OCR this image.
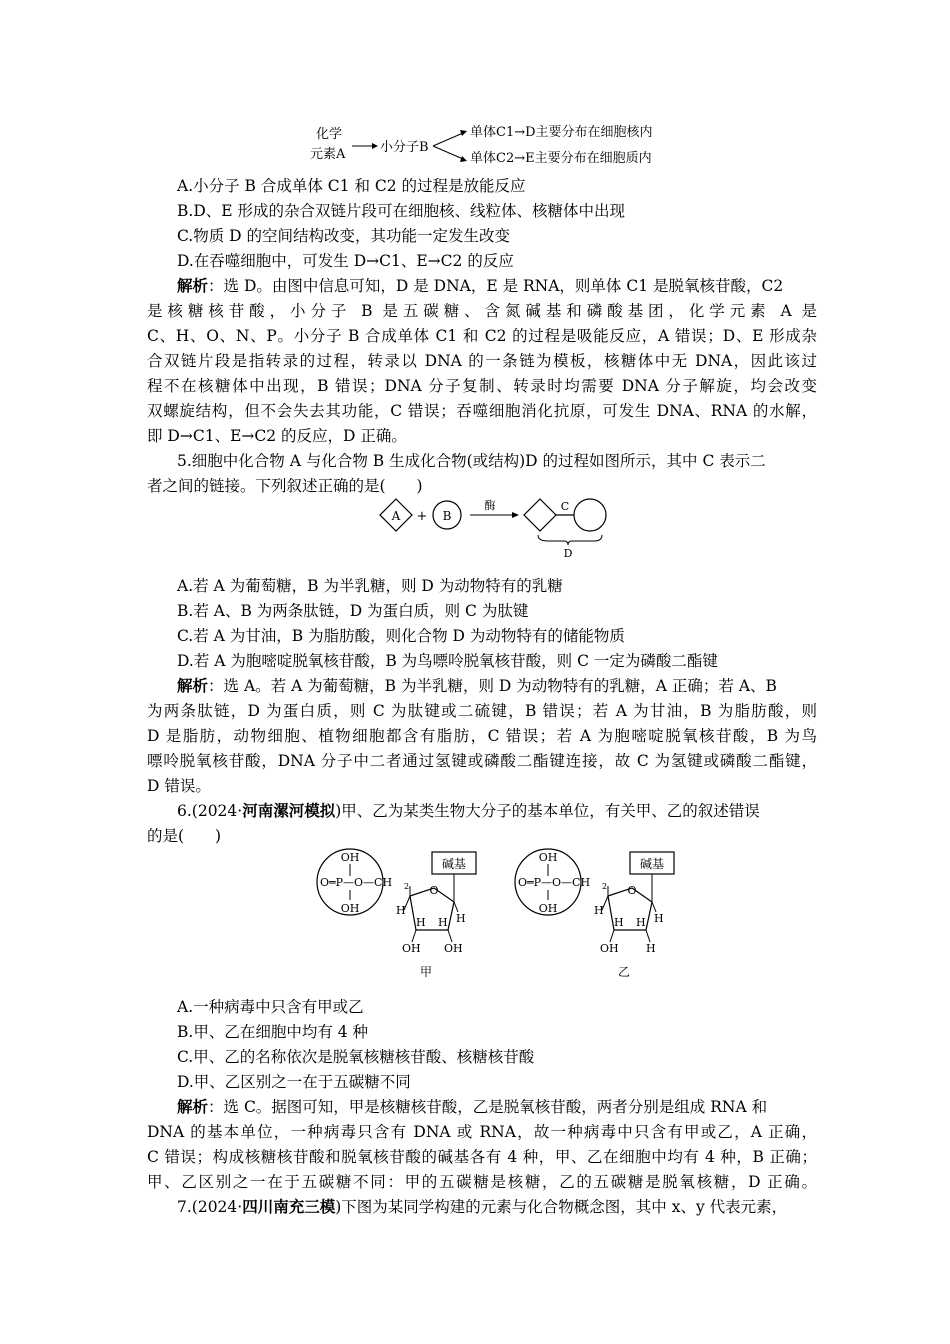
化学
元素A	小分子B
单体C1→D主要分布在细胞核内
单体C2→E主要分布在细胞质内
A.小分子 B 合成单体 C1 和 C2 的过程是放能反应
B.D、E 形成的杂合双链片段可在细胞核、线粒体、核糖体中出现
C.物质 D 的空间结构改变，其功能一定发生改变
D.在吞噬细胞中，可发生 D→C1、E→C2 的反应
解析：选 D。由图中信息可知，D 是 DNA，E 是 RNA，则单体 C1 是脱氧核苷酸，C2
是核糖核苷酸，小分子 B 是五碳糖、含氮碱基和磷酸基团，化学元素 A 是
C、H、O、N、P。小分子 B 合成单体 C1 和 C2 的过程是吸能反应，A 错误；D、E 形成杂
合双链片段是指转录的过程，转录以 DNA 的一条链为模板，核糖体中无 DNA，因此该过
程不在核糖体中出现，B 错误；DNA 分子复制、转录时均需要 DNA 分子解旋，均会改变
双螺旋结构，但不会失去其功能，C 错误；吞噬细胞消化抗原，可发生 DNA、RNA 的水解，
即 D→C1、E→C2 的反应，D 正确。
5.细胞中化合物 A 与化合物 B 生成化合物(或结构)D 的过程如图所示，其中 C 表示二
者之间的链接。下列叙述正确的是(　　)
A + B
酶	C
D
A.若 A 为葡萄糖，B 为半乳糖，则 D 为动物特有的乳糖
B.若 A、B 为两条肽链，D 为蛋白质，则 C 为肽键
C.若 A 为甘油，B 为脂肪酸，则化合物 D 为动物特有的储能物质
D.若 A 为胞嘧啶脱氧核苷酸，B 为鸟嘌呤脱氧核苷酸，则 C 一定为磷酸二酯键
解析：选 A。若 A 为葡萄糖，B 为半乳糖，则 D 为动物特有的乳糖，A 正确；若 A、B
为两条肽链，D 为蛋白质，则 C 为肽键或二硫键，B 错误；若 A 为甘油，B 为脂肪酸，则
D 是脂肪，动物细胞、植物细胞都含有脂肪，C 错误；若 A 为胞嘧啶脱氧核苷酸，B 为鸟
嘌呤脱氧核苷酸，DNA 分子中二者通过氢键或磷酸二酯键连接，故 C 为氢键或磷酸二酯键，
D 错误。
6.(2024·河南漯河模拟)甲、乙为某类生物大分子的基本单位，有关甲、乙的叙述错误
的是(　　)
OH
O═P—O—CH 2
OH
碱基
O
H
H
H H
OH OH
甲
OH
O═P—O—CH 2
OH
碱基
O
H
H
H H
OH H
乙
A.一种病毒中只含有甲或乙
B.甲、乙在细胞中均有 4 种
C.甲、乙的名称依次是脱氧核糖核苷酸、核糖核苷酸
D.甲、乙区别之一在于五碳糖不同
解析：选 C。据图可知，甲是核糖核苷酸，乙是脱氧核苷酸，两者分别是组成 RNA 和
DNA 的基本单位，一种病毒只含有 DNA 或 RNA，故一种病毒中只含有甲或乙，A 正确，
C 错误；构成核糖核苷酸和脱氧核苷酸的碱基各有 4 种，甲、乙在细胞中均有 4 种，B 正确；
甲、乙区别之一在于五碳糖不同：甲的五碳糖是核糖，乙的五碳糖是脱氧核糖，D 正确。
7.(2024·四川南充三模)下图为某同学构建的元素与化合物概念图，其中 x、y 代表元素，
